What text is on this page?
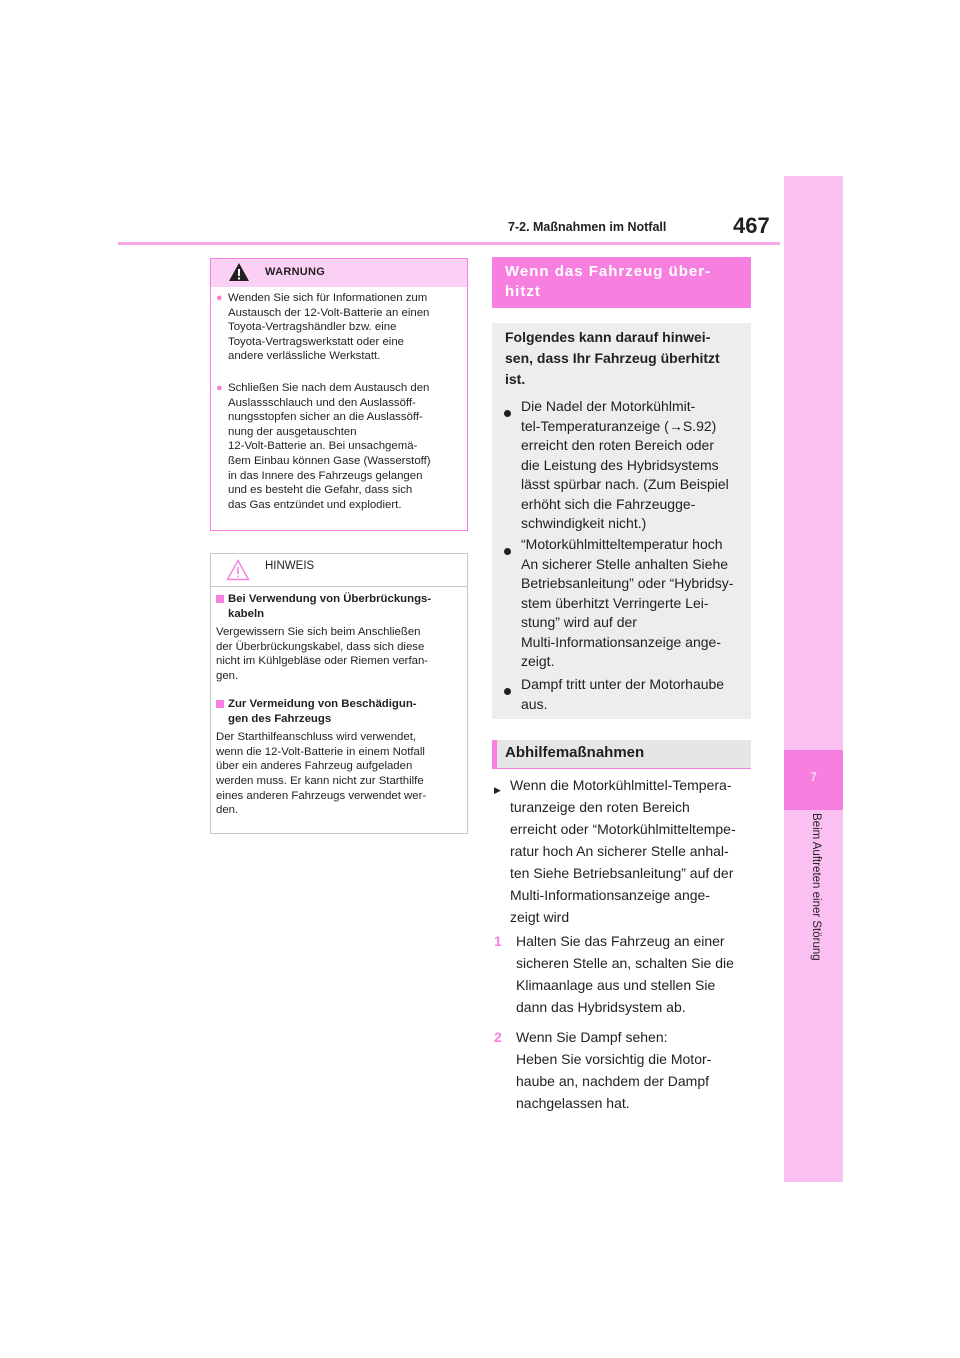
7-2. Maßnahmen im Notfall	467
7
Beim Auftreten einer Störung
WARNUNG
● Wenden Sie sich für Informationen zum
Austausch der 12-Volt-Batterie an einen
Toyota-Vertragshändler bzw. eine
Toyota-Vertragswerkstatt oder eine
andere verlässliche Werkstatt.
● Schließen Sie nach dem Austausch den
Auslassschlauch und den Auslassöff-
nungsstopfen sicher an die Auslassöff-
nung der ausgetauschten
12-Volt-Batterie an. Bei unsachgemä-
ßem Einbau können Gase (Wasserstoff)
in das Innere des Fahrzeugs gelangen
und es besteht die Gefahr, dass sich
das Gas entzündet und explodiert.
HINWEIS
Bei Verwendung von Überbrückungs-
kabeln
Vergewissern Sie sich beim Anschließen
der Überbrückungskabel, dass sich diese
nicht im Kühlgebläse oder Riemen verfan-
gen.
Zur Vermeidung von Beschädigun-
gen des Fahrzeugs
Der Starthilfeanschluss wird verwendet,
wenn die 12-Volt-Batterie in einem Notfall
über ein anderes Fahrzeug aufgeladen
werden muss. Er kann nicht zur Starthilfe
eines anderen Fahrzeugs verwendet wer-
den.
Wenn das Fahrzeug über-
hitzt
Folgendes kann darauf hinwei-
sen, dass Ihr Fahrzeug überhitzt
ist.
Die Nadel der Motorkühlmit-
tel-Temperaturanzeige (→S.92)
erreicht den roten Bereich oder
die Leistung des Hybridsystems
lässt spürbar nach. (Zum Beispiel
erhöht sich die Fahrzeugge-
schwindigkeit nicht.)
“Motorkühlmitteltemperatur hoch
An sicherer Stelle anhalten Siehe
Betriebsanleitung” oder “Hybridsy-
stem überhitzt Verringerte Lei-
stung” wird auf der
Multi-Informationsanzeige ange-
zeigt.
Dampf tritt unter der Motorhaube
aus.
Abhilfemaßnahmen
▶ Wenn die Motorkühlmittel-Tempera-
turanzeige den roten Bereich
erreicht oder “Motorkühlmitteltempe-
ratur hoch An sicherer Stelle anhal-
ten Siehe Betriebsanleitung” auf der
Multi-Informationsanzeige ange-
zeigt wird
1	Halten Sie das Fahrzeug an einer
sicheren Stelle an, schalten Sie die
Klimaanlage aus und stellen Sie
dann das Hybridsystem ab.
2	Wenn Sie Dampf sehen:
Heben Sie vorsichtig die Motor-
haube an, nachdem der Dampf
nachgelassen hat.
